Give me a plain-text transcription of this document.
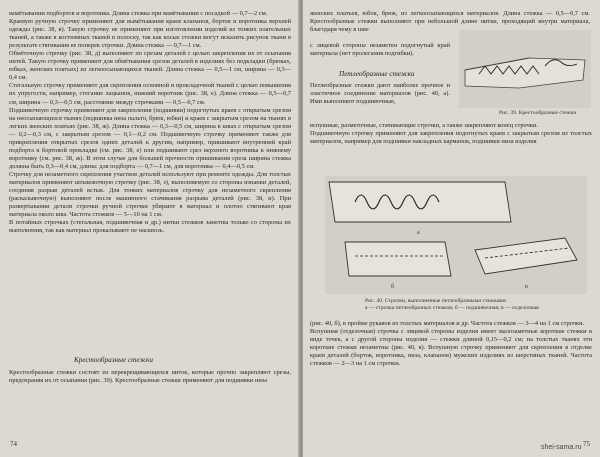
вамётывании подбортов и воротника. Длина стежка при вамётывании с посадкой — 0,7—2 см.
Краевую ручную строчку применяют для вымётывания краев клапанов, бортов и воротника верхней одежды (рис. 38, в). Такую строчку не применяют при изготовлении изделий из тонких плательных тканей, а также в костюмных тканей в полоску, так как косые стежки могут исказить рисунок ткани в результате стягивания ее поперек строчки. Длина стежка — 0,7—1 см.
Обмёточную строчку (рис. 38, д) выполняют по срезам деталей с целью закрепления их от осыпания нитей. Такую строчку применяют для обмётывания срезов деталей в изделиях без подкладки (брюках, юбках, женских платьях) из легкоосыпающихся тканей. Длина стежка — 0,5—1 см, ширина — 0,3—0,4 см.
Стегальную строчку применяют для скрепления основной и прокладочной тканей с целью повышения их упругости, например, стегание лацканов, нижний воротник (рис. 38, е). Длина стежка — 0,5—0,7 см, ширина — 0,3—0,5 см, расстояние между строчками — 0,5—0,7 см.
Подшивочную строчку применяют для закрепления (подшивки) подогнутых краев с открытым срезом на неосыпающихся тканях (подшивка низа пальто, брюк, юбки) и краев с закрытым срезом на тканях в легких женских платьях (рис. 38, ж). Длина стежка — 0,3—0,5 см, ширина в швах с открытым срезом — 0,2—0,3 см, с закрытым срезом — 0,1—0,2 см. Подшивочную строчку применяют также для прикрепления открытых срезов одних деталей к другим, например, пришивают внутренний край подборта к бортовой прокладке (см. рис. 38, е) или подшивают срез верхнего воротника к нижнему воротнику (см. рис. 38, ж). В этом случае для большей прочности пришивания среза ширина стежка должна быть 0,3—0,4 см, длина: для подборта — 0,7—1 см, для воротника — 0,4—0,5 см.
Строчку для незаметного скрепления участков деталей используют при ремонте одежды. Для толстых материалов применяют штыковочную строчку (рис. 38, з), выполняемую со стороны изнанки деталей, соединяя разрыв деталей встык. Для тонких материалов строчку для незаметного скрепления (раскалывочную) выполняют после машинного стачивания разрыва деталей (рис. 38, и). При развертывании детали строчки ручной строчки убирают в материал и плотно стягивают края материала около шва. Частота стежков — 5—10 на 1 см.
В потайных строчках (стегальная, подшивочная и др.) нитки стежков заметны только со стороны их выполнения, так как материал прокалывают не насквозь.
Крестообразные стежки
Крестообразные стежки состоят из перекрещивающихся ниток, которые прочно закрепляют срезы, предохраняя их от осыпания (рис. 39). Крестообразные стежки применяют для подшивки низа
74
женских платьев, юбок, брюк, из легкоосыпающихся материалов. Длина стежка — 0,5—0,7 см. Крестообразные стежки выполняют при небольшой длине нитки, проходящий внутри материала, благодаря чему в шве
с лицевой стороны незаметен подогнутый край материала (нет пролегания подгибки).
Петлеобразные стежки
Петлеобразные стежки дают наиболее прочное и эластичное соединение материалов (рис. 40, а). Ими выполняют подшивочные,
Рис. 39. Крестообразные стежки
вспушные, разметочные, стачивающие строчки, а также закрепляют конец строчки.
Подшивочную строчку применяют для закрепления подогнутых краев с закрытым срезом из толстых материалов, например для подшивки накладных карманов, подшивки низа изделия
а
б	в
Рис. 40. Строчки, выполненные петлеобразными стежками:
а — строчка петлеобразных стежков; б — подшивочная; в — отделочная
(рис. 40, б), в пройме рукавов из толстых материалов и др. Частота стежков — 3—4 на 1 см строчки.
Вспушная (отделочная) строчка с лицевой стороны изделия имеет малозаметные короткие стежки в виде точек, а с другой стороны изделия — стежки длиной 0,15—0,2 см; на толстых тканях эти короткие стежки незаметны (рис. 40, в). Вспушную строчку применяют для скрепления в отделке краев деталей (бортов, воротника, низа, клапанов) мужских изделиях из шерстяных тканей. Частота стежков — 2—3 на 1 см строчки.
75
shei-sama.ru
